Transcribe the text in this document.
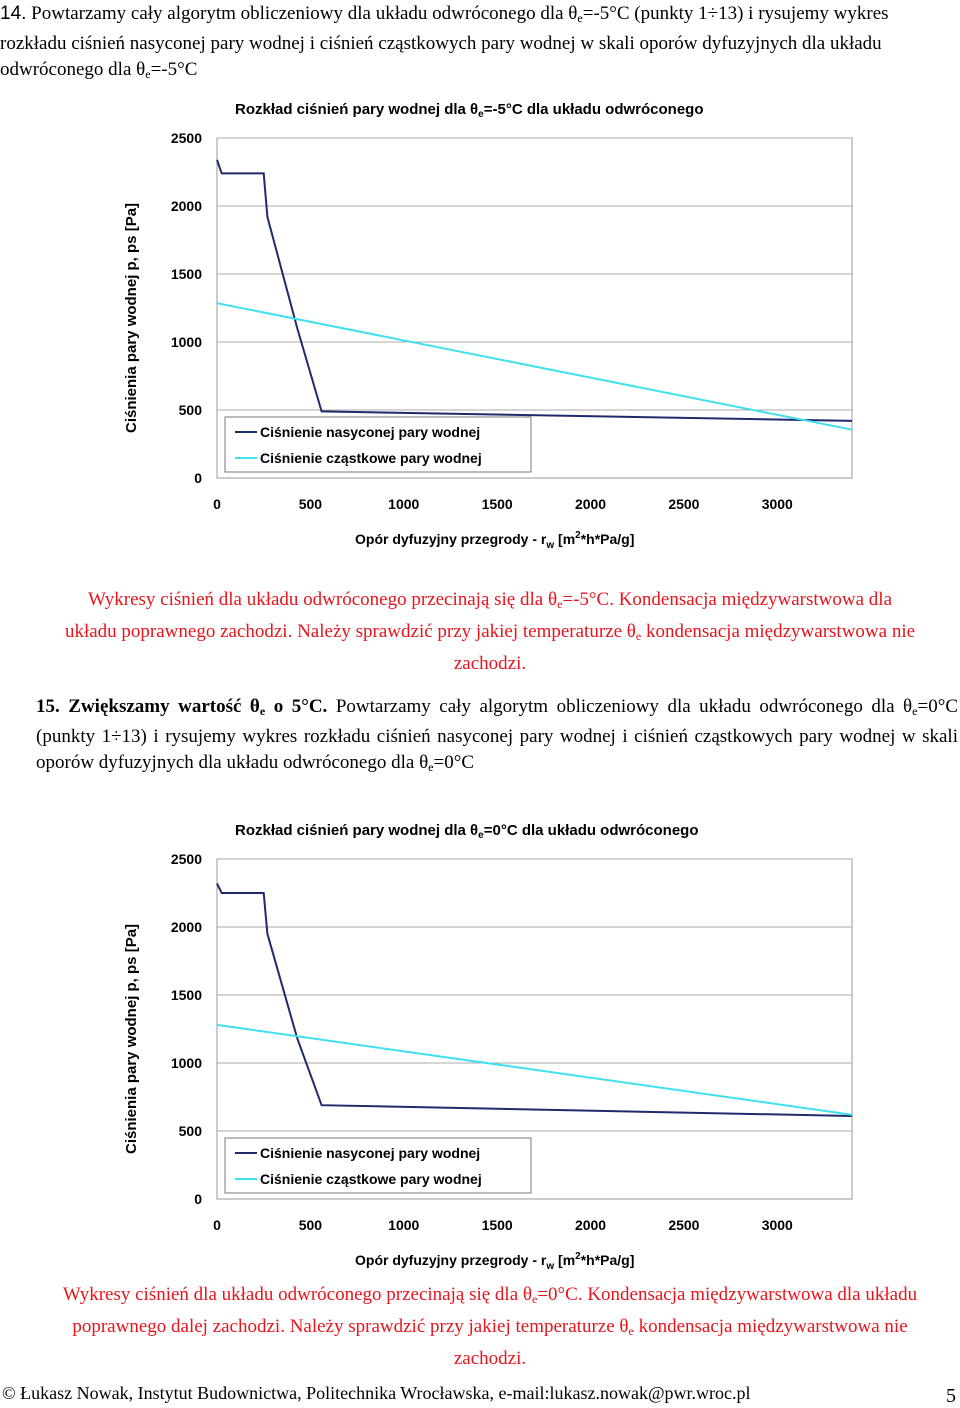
14. Powtarzamy cały algorytm obliczeniowy dla układu odwróconego dla $\theta_e=-5^\circ C$ (punkty 1÷13) i rysujemy wykres rozkładu ciśnień nasyconej pary wodnej i ciśnień cząstkowych pary wodnej w skali oporów dyfuzyjnych dla układu odwróconego dla $\theta_e=-5^\circ C$
Rozkład ciśnień pary wodnej dla $\theta_e=-5^\circ C$ dla układu odwróconego
0
500
1000
1500
2000
2500
0	500	1000	1500	2000	2500	3000
Ciśnienie nasyconej pary wodnej
Ciśnienie cząstkowe pary wodnej
Opór dyfuzyjny przegrody - $r_w$ $[m^2*h*Pa/g]$
Ciśnienia pary wodnej p, ps [Pa]
Wykresy ciśnień dla układu odwróconego przecinają się dla $\theta_e=-5^\circ C$. Kondensacja międzywarstwowa dla układu poprawnego zachodzi. Należy sprawdzić przy jakiej temperaturze $\theta_e$ kondensacja międzywarstwowa nie zachodzi.
15. Zwiększamy wartość $\theta_e$ o 5°C. Powtarzamy cały algorytm obliczeniowy dla układu odwróconego dla $\theta_e=0^\circ C$ (punkty 1÷13) i rysujemy wykres rozkładu ciśnień nasyconej pary wodnej i ciśnień cząstkowych pary wodnej w skali oporów dyfuzyjnych dla układu odwróconego dla $\theta_e=0^\circ C$
Rozkład ciśnień pary wodnej dla $\theta_e=0^\circ C$ dla układu odwróconego
0
500
1000
1500
2000
2500
0	500	1000	1500	2000	2500	3000
Ciśnienie nasyconej pary wodnej
Ciśnienie cząstkowe pary wodnej
Opór dyfuzyjny przegrody - $r_w$ $[m^2*h*Pa/g]$
Ciśnienia pary wodnej p, ps [Pa]
Wykresy ciśnień dla układu odwróconego przecinają się dla $\theta_e=0^\circ C$. Kondensacja międzywarstwowa dla układu poprawnego dalej zachodzi. Należy sprawdzić przy jakiej temperaturze $\theta_e$ kondensacja międzywarstwowa nie zachodzi.
© Łukasz Nowak, Instytut Budownictwa, Politechnika Wrocławska, e-mail:lukasz.nowak@pwr.wroc.pl	5
